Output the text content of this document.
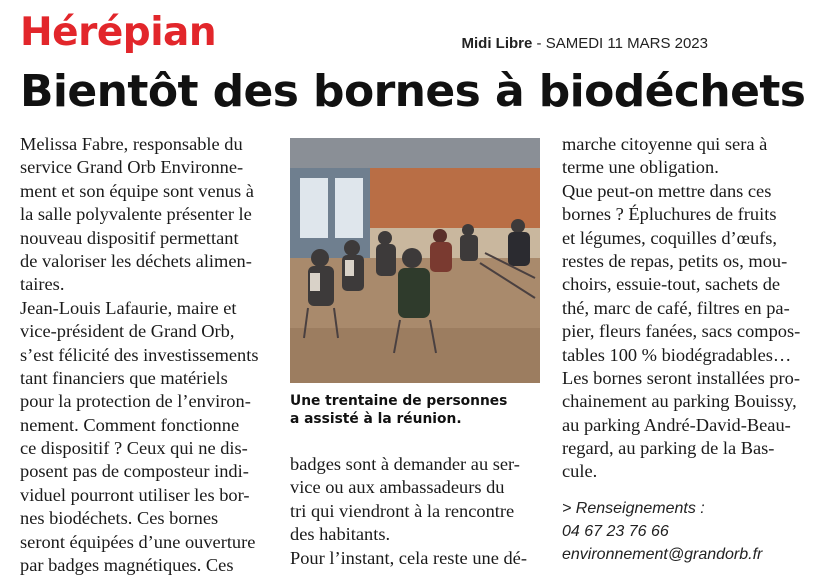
Hérépian	Midi Libre - SAMEDI 11 MARS 2023
Bientôt des bornes à biodéchets
Melissa Fabre, responsable du
service Grand Orb Environne-
ment et son équipe sont venus à
la salle polyvalente présenter le
nouveau dispositif permettant
de valoriser les déchets alimen-
taires.
Jean-Louis Lafaurie, maire et
vice-président de Grand Orb,
s’est félicité des investissements
tant financiers que matériels
pour la protection de l’environ-
nement. Comment fonctionne
ce dispositif ? Ceux qui ne dis-
posent pas de composteur indi-
viduel pourront utiliser les bor-
nes biodéchets. Ces bornes
seront équipées d’une ouverture
par badges magnétiques. Ces
Une trentaine de personnes
a assisté à la réunion.
badges sont à demander au ser-
vice ou aux ambassadeurs du
tri qui viendront à la rencontre
des habitants.
Pour l’instant, cela reste une dé-
marche citoyenne qui sera à
terme une obligation.
Que peut-on mettre dans ces
bornes ? Épluchures de fruits
et légumes, coquilles d’œufs,
restes de repas, petits os, mou-
choirs, essuie-tout, sachets de
thé, marc de café, filtres en pa-
pier, fleurs fanées, sacs compos-
tables 100 % biodégradables…
Les bornes seront installées pro-
chainement au parking Bouissy,
au parking André-David-Beau-
regard, au parking de la Bas-
cule.
> Renseignements :
04 67 23 76 66
environnement@grandorb.fr
